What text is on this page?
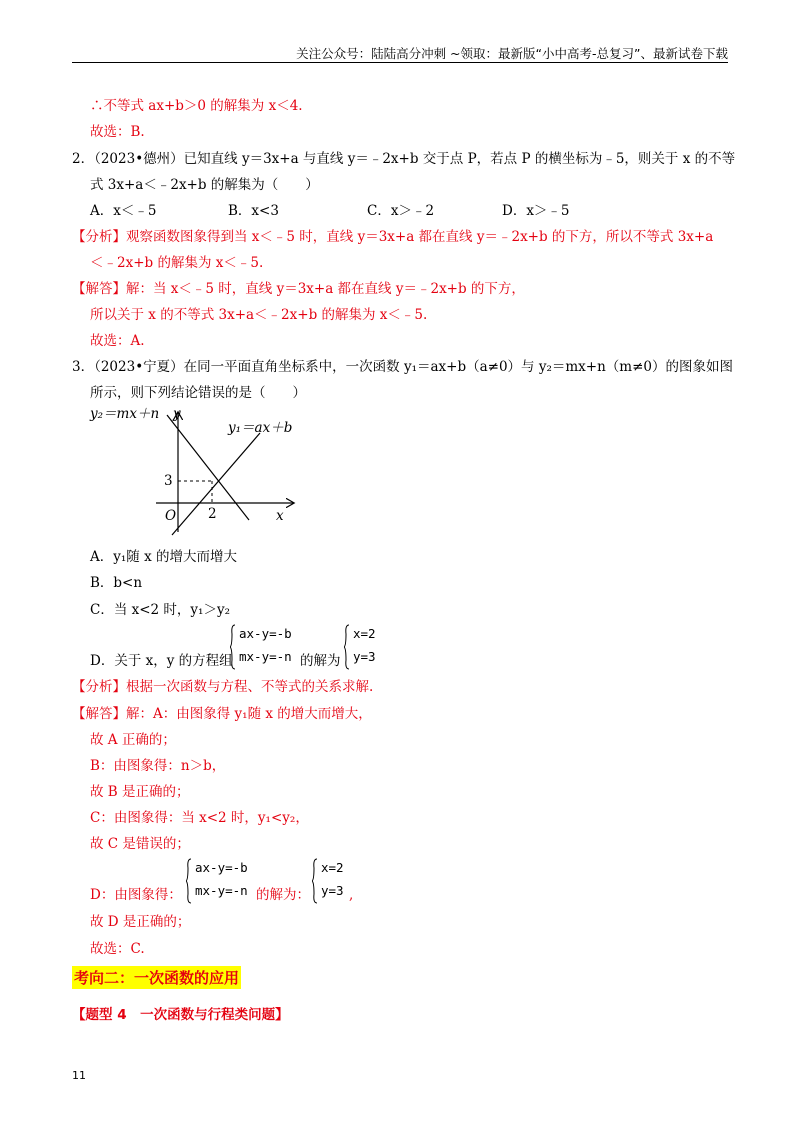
关注公众号：陆陆高分冲刺 ~领取：最新版“小中高考-总复习”、最新试卷下载
∴不等式 ax+b＞0 的解集为 x＜4.
故选：B.
2．（2023•德州）已知直线 y＝3x+a 与直线 y＝﹣2x+b 交于点 P，若点 P 的横坐标为﹣5，则关于 x 的不等
式 3x+a＜﹣2x+b 的解集为（　　）
A．x＜﹣5	B．x<3	C．x＞﹣2	D．x＞﹣5
【分析】观察函数图象得到当 x＜﹣5 时，直线 y＝3x+a 都在直线 y＝﹣2x+b 的下方，所以不等式 3x+a
＜﹣2x+b 的解集为 x＜﹣5.
【解答】解：当 x＜﹣5 时，直线 y＝3x+a 都在直线 y＝﹣2x+b 的下方，
所以关于 x 的不等式 3x+a＜﹣2x+b 的解集为 x＜﹣5.
故选：A.
3．（2023•宁夏）在同一平面直角坐标系中，一次函数 y₁＝ax+b（a≠0）与 y₂＝mx+n（m≠0）的图象如图
所示，则下列结论错误的是（　　）
y₂＝mx＋n
y₁＝ax＋b
y
x
O
3
2
A．y₁随 x 的增大而增大
B．b<n
C．当 x<2 时，y₁＞y₂
D．关于 x，y 的方程组
ax-y=-b
mx-y=-n 的解为
x=2
y=3
【分析】根据一次函数与方程、不等式的关系求解.
【解答】解：A：由图象得 y₁随 x 的增大而增大，
故 A 正确的；
B：由图象得：n＞b，
故 B 是正确的；
C：由图象得：当 x<2 时，y₁<y₂，
故 C 是错误的；
D：由图象得：
ax-y=-b
mx-y=-n 的解为：
x=2
y=3 ,
故 D 是正确的；
故选：C.
考向二：一次函数的应用
【题型 4　一次函数与行程类问题】
11
